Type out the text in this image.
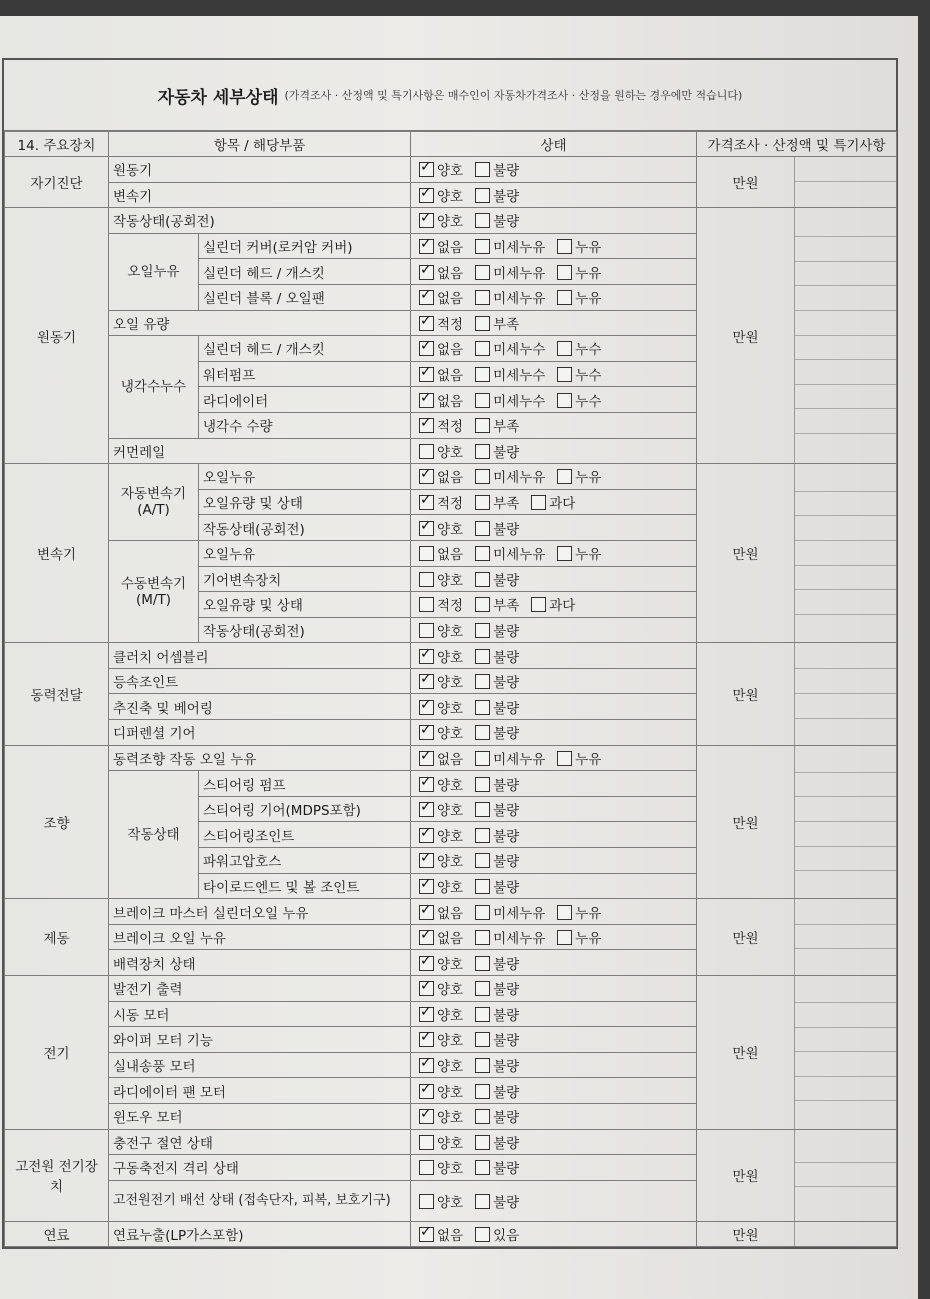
자동차 세부상태 (가격조사 · 산정액 및 특기사항은 매수인이 자동차가격조사 · 산정을 원하는 경우에만 적습니다)
14. 주요장치	항목 / 해당부품		상태	가격조사 · 산정액 및 특기사항	
자기진단	원동기	✓양호 불량	만원	

	변속기	✓양호 불량
원동기	작동상태(공회전)	✓양호 불량	만원	

	오일누유	실린더 커버(로커암 커버)	✓없음 미세누유 누유
		실린더 헤드 / 개스킷	✓없음 미세누유 누유
		실린더 블록 / 오일팬	✓없음 미세누유 누유
	오일 유량	✓적정 부족
	냉각수누수	실린더 헤드 / 개스킷	✓없음 미세누수 누수
		워터펌프	✓없음 미세누수 누수
		라디에이터	✓없음 미세누수 누수
		냉각수 수량	✓적정 부족
	커먼레일		양호 불량		
변속기	자동변속기 (A/T)	오일누유	✓없음 미세누유 누유	만원	

		오일유량 및 상태	✓적정 부족 과다
		작동상태(공회전)	✓양호 불량
	수동변속기 (M/T)	오일누유	없음 미세누유 누유		
		기어변속장치	양호 불량		
		오일유량 및 상태	적정 부족 과다		
		작동상태(공회전)	양호 불량		
동력전달	클러치 어셈블리	✓양호 불량	만원	

	등속조인트	✓양호 불량
	추진축 및 베어링	✓양호 불량
	디퍼렌셜 기어	✓양호 불량
조향	동력조향 작동 오일 누유	✓없음 미세누유 누유	만원	

	작동상태	스티어링 펌프	✓양호 불량
		스티어링 기어(MDPS포함)	✓양호 불량
		스티어링조인트	✓양호 불량
		파워고압호스	✓양호 불량
		타이로드엔드 및 볼 조인트	✓양호 불량
제동	브레이크 마스터 실린더오일 누유	✓없음 미세누유 누유	만원	

	브레이크 오일 누유	✓없음 미세누유 누유
	배력장치 상태	✓양호 불량
전기	발전기 출력	✓양호 불량	만원	

	시동 모터	✓양호 불량
	와이퍼 모터 기능	✓양호 불량
	실내송풍 모터	✓양호 불량
	라디에이터 팬 모터	✓양호 불량
	윈도우 모터	✓양호 불량
고전원 전기장치	충전구 절연 상태		양호 불량	만원	

	구동축전지 격리 상태		양호 불량		
	고전원전기 배선 상태 (접속단자, 피복, 보호기구)		양호 불량		
연료	연료누출(LP가스포함)	✓없음 있음	만원	
